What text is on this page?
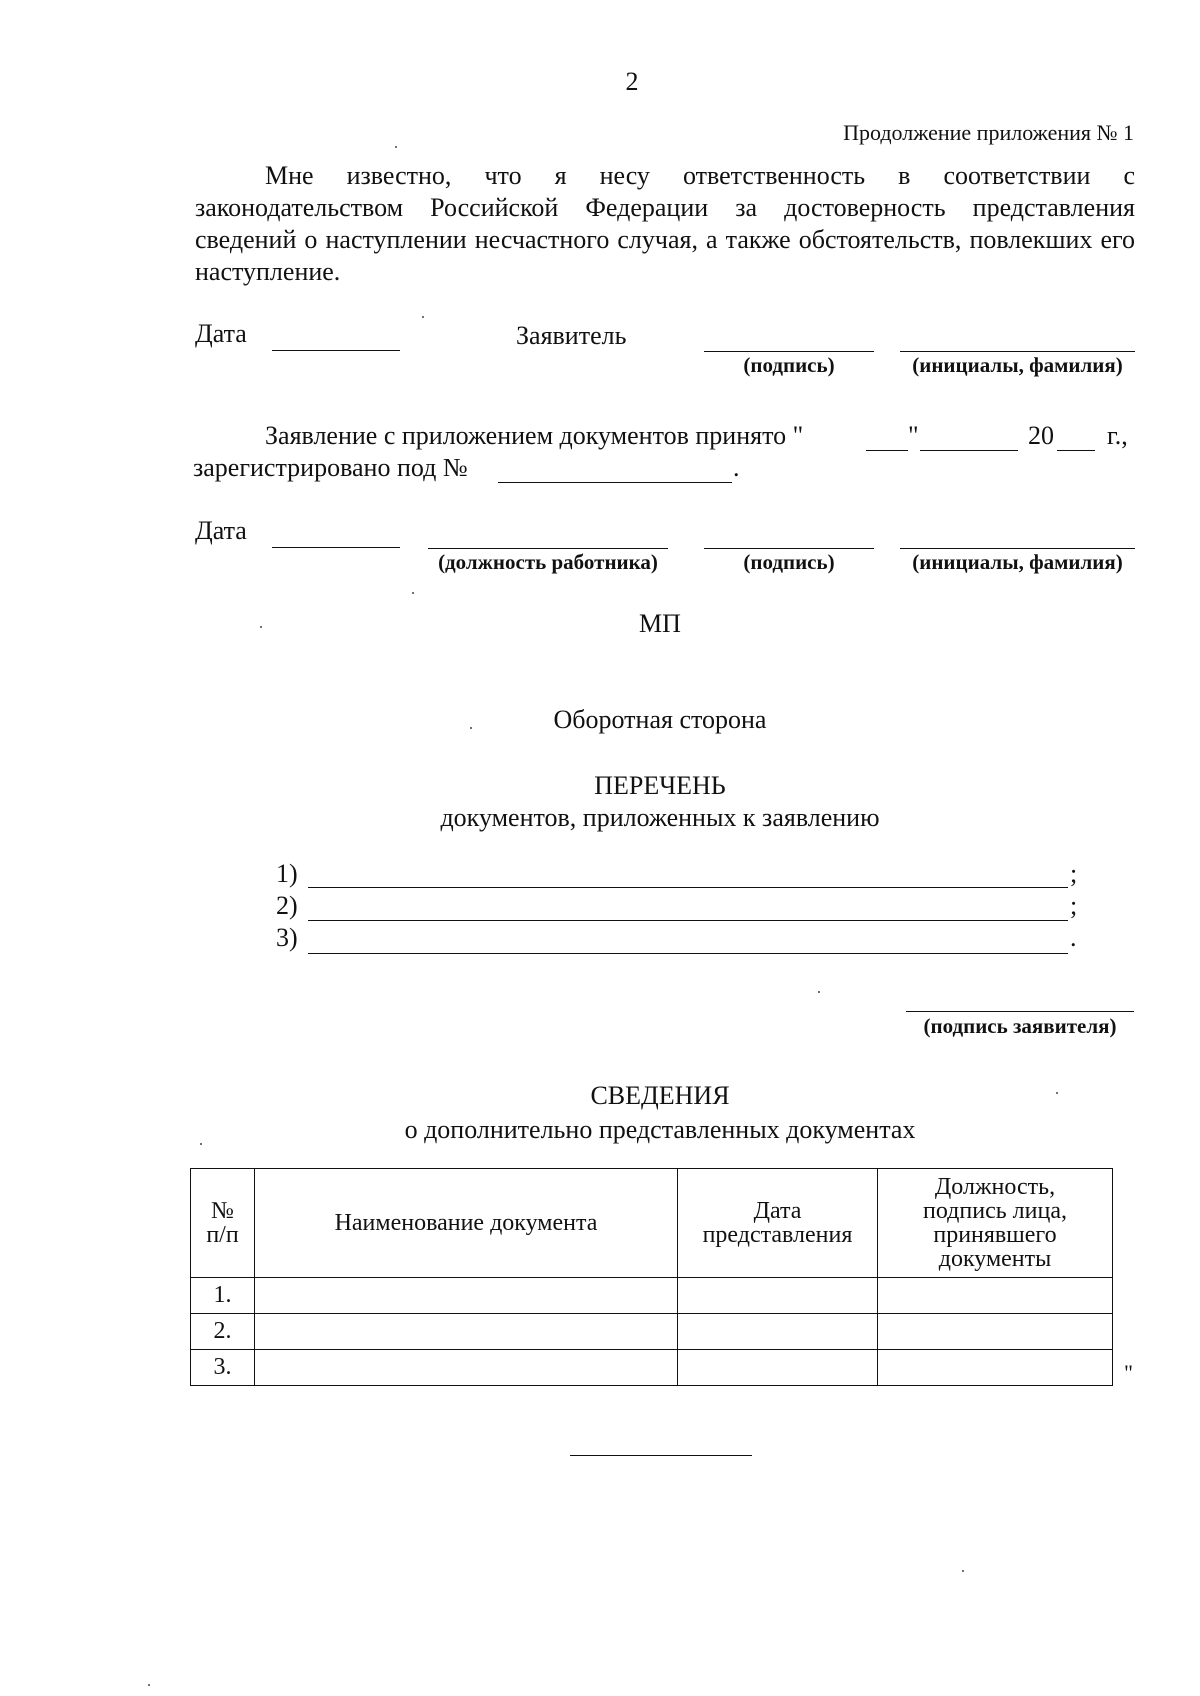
2
Продолжение приложения № 1
Мне известно, что я несу ответственность в соответствии с законодательством Российской Федерации за достоверность представления сведений о наступлении несчастного случая, а также обстоятельств, повлекших его наступление.
Дата	Заявитель
(подпись)	(инициалы, фамилия)
Заявление с приложением документов принято "	"	20 г.,
зарегистрировано под №	.
Дата
(должность работника)	(подпись)	(инициалы, фамилия)
МП
Оборотная сторона
ПЕРЕЧЕНЬ
документов, приложенных к заявлению
1)	;
2)	;
3)	.
(подпись заявителя)
СВЕДЕНИЯ
о дополнительно представленных документах
№ п/п	Наименование документа	Дата представления	Должность, подпись лица, принявшего документы
1.			
2.			
3.				"
